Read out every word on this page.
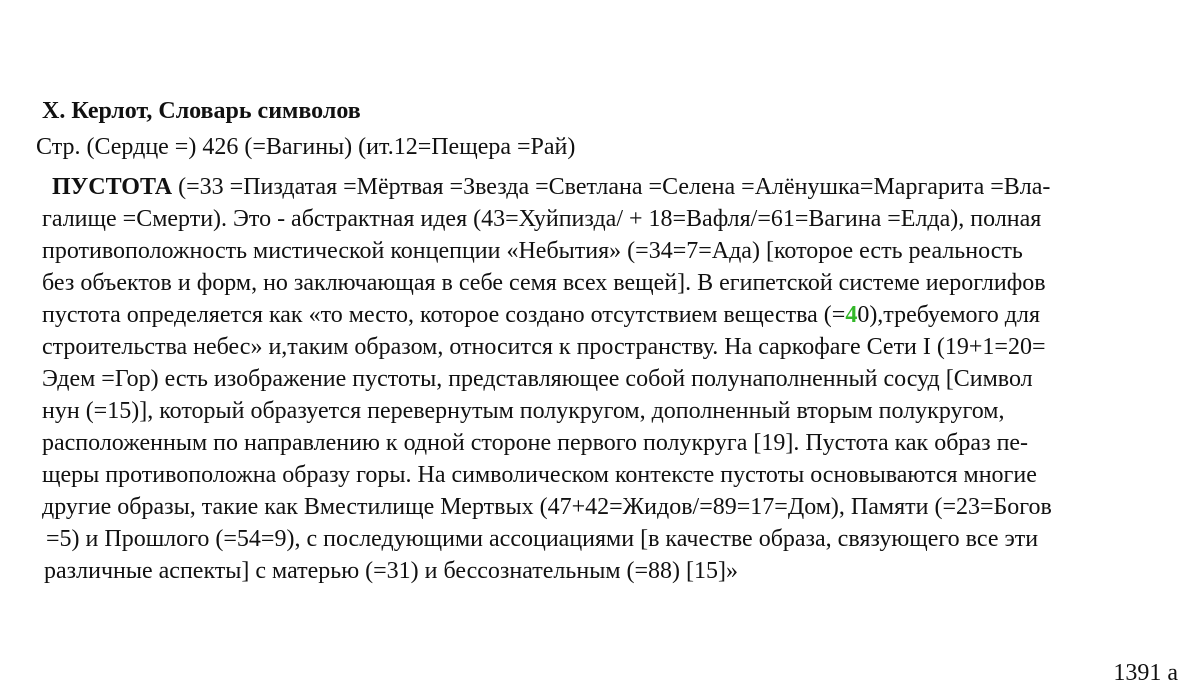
Х. Керлот, Словарь символов
Стр. (Сердце =) 426 (=Вагины) (ит.12=Пещера =Рай)
ПУСТОТА (=33 =Пиздатая =Мёртвая =Звезда =Светлана =Селена =Алёнушка=Маргарита =Вла-
галище =Смерти). Это - абстрактная идея (43=Хуйпизда/ + 18=Вафля/=61=Вагина =Елда), полная
противоположность мистической концепции «Небытия» (=34=7=Ада) [которое есть реальность
без объектов и форм, но заключающая в себе семя всех вещей]. В египетской системе иероглифов
пустота определяется как «то место, которое создано отсутствием вещества (=40),требуемого для
строительства небес» и,таким образом, относится к пространству. На саркофаге Сети I (19+1=20=
Эдем =Гор) есть изображение пустоты, представляющее собой полунаполненный сосуд [Символ
нун (=15)], который образуется перевернутым полукругом, дополненный вторым полукругом,
расположенным по направлению к одной стороне первого полукруга [19]. Пустота как образ пе-
щеры противоположна образу горы. На символическом контексте пустоты основываются многие
другие образы, такие как Вместилище Мертвых (47+42=Жидов/=89=17=Дом), Памяти (=23=Богов
=5) и Прошлого (=54=9), с последующими ассоциациями [в качестве образа, связующего все эти
различные аспекты] с матерью (=31) и бессознательным (=88) [15]»
1391 а
